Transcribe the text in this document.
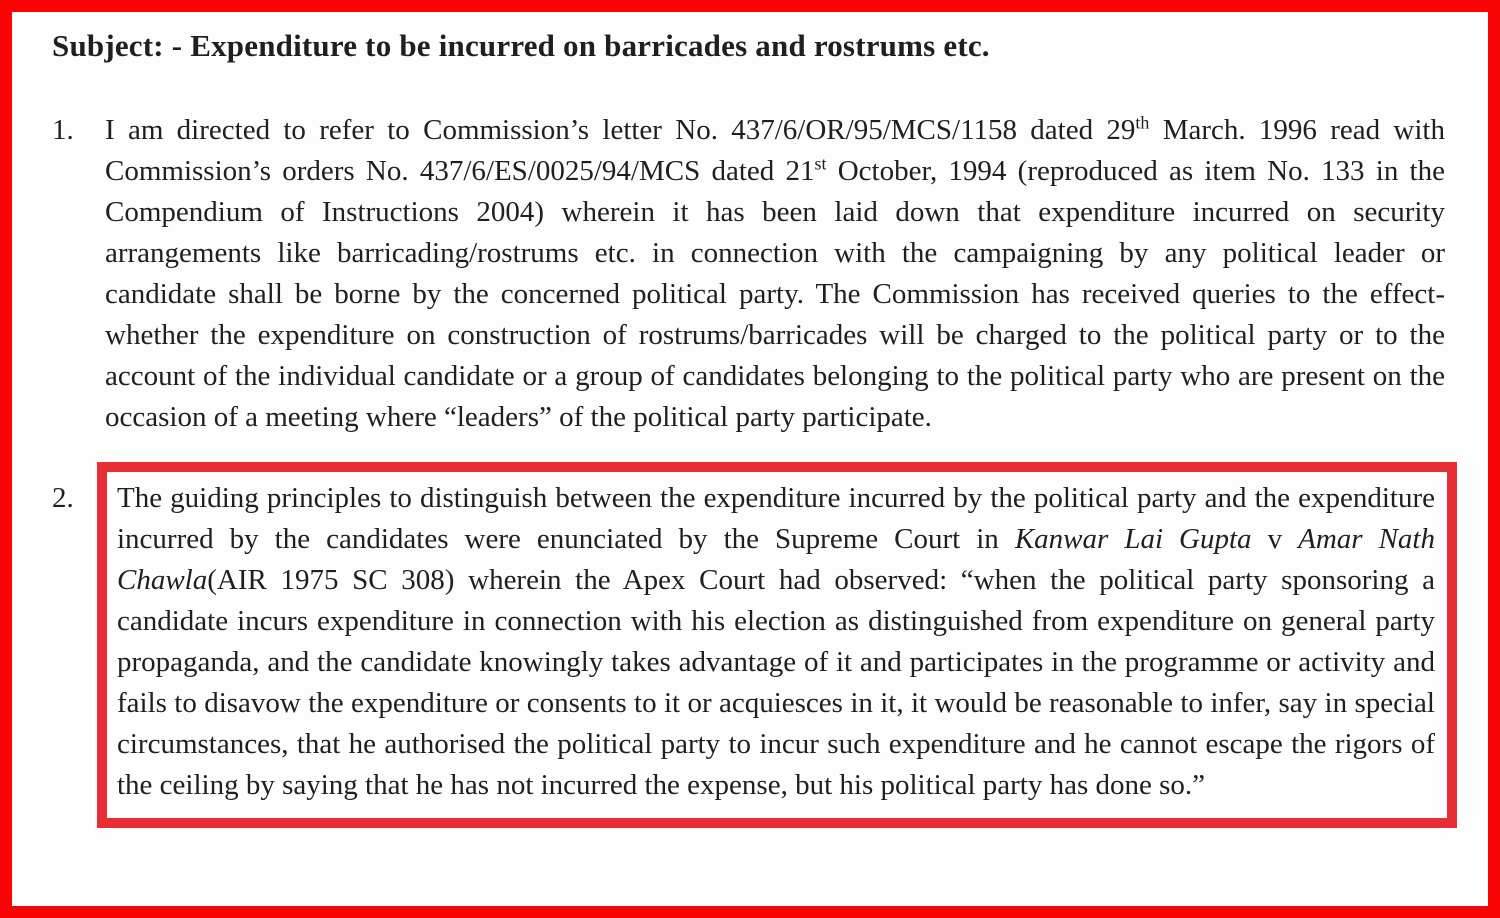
Subject: - Expenditure to be incurred on barricades and rostrums etc.
1.	I am directed to refer to Commission’s letter No. 437/6/OR/95/MCS/1158 dated 29th March. 1996 read with Commission’s orders No. 437/6/ES/0025/94/MCS dated 21st October, 1994 (reproduced as item No. 133 in the Compendium of Instructions 2004) wherein it has been laid down that expenditure incurred on security arrangements like barricading/rostrums etc. in connection with the campaigning by any political leader or candidate shall be borne by the concerned political party. The Commission has received queries to the effect-whether the expenditure on construction of rostrums/barricades will be charged to the political party or to the account of the individual candidate or a group of candidates belonging to the political party who are present on the occasion of a meeting where “leaders” of the political party participate.
2.	The guiding principles to distinguish between the expenditure incurred by the political party and the expenditure incurred by the candidates were enunciated by the Supreme Court in Kanwar Lai Gupta v Amar Nath Chawla(AIR 1975 SC 308) wherein the Apex Court had observed: “when the political party sponsoring a candidate incurs expenditure in connection with his election as distinguished from expenditure on general party propaganda, and the candidate knowingly takes advantage of it and participates in the programme or activity and fails to disavow the expenditure or consents to it or acquiesces in it, it would be reasonable to infer, say in special circumstances, that he authorised the political party to incur such expenditure and he cannot escape the rigors of the ceiling by saying that he has not incurred the expense, but his political party has done so.”
